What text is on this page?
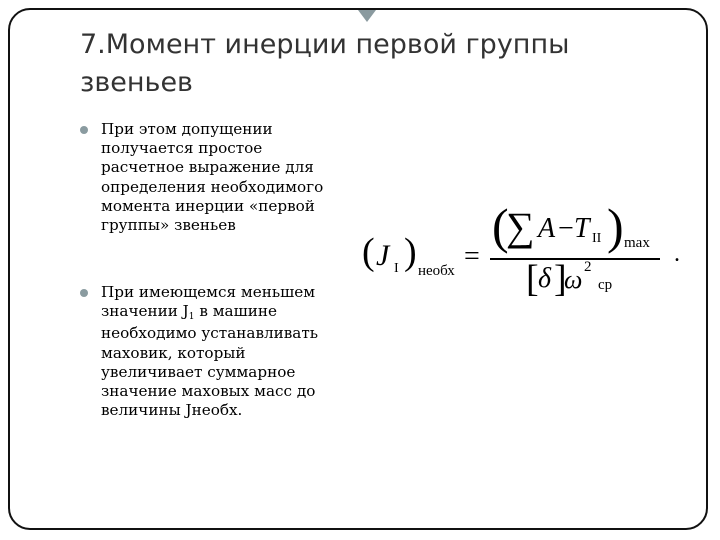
7.Момент инерции первой группы звеньев
При этом допущении получается простое расчетное выражение для определения необходимого момента инерции «первой группы» звеньев
При имеющемся меньшем значении J1 в машине необходимо устанавливать маховик, который увеличивает суммарное значение маховых масс до величины Jнеобх.
( J I ) необх =
(
∑ A − T II ) max
[ δ ]
ω 2
ср
.
